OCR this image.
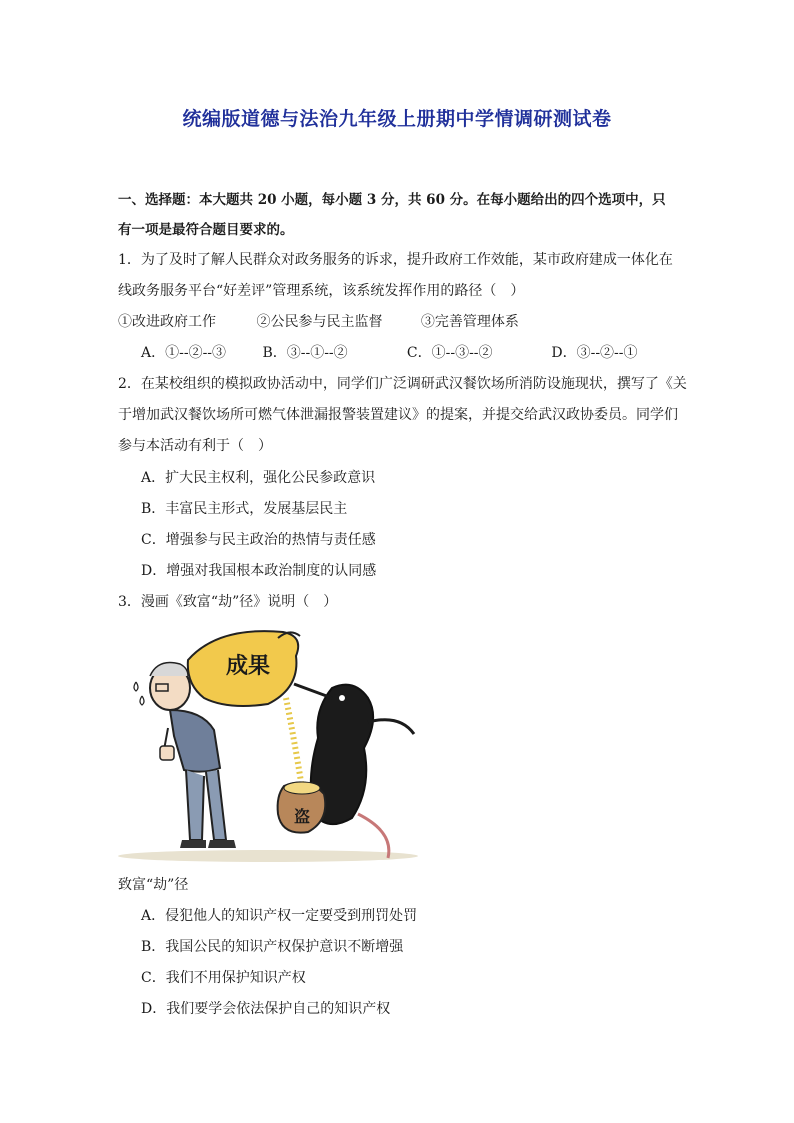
统编版道德与法治九年级上册期中学情调研测试卷
一、选择题：本大题共 20 小题，每小题 3 分，共 60 分。在每小题给出的四个选项中，只
有一项是最符合题目要求的。
1．为了及时了解人民群众对政务服务的诉求，提升政府工作效能，某市政府建成一体化在
线政务服务平台“好差评”管理系统，该系统发挥作用的路径（　）
①改进政府工作	②公民参与民主监督	③完善管理体系
A．①--②--③	B．③--①--②	C．①--③--②	D．③--②--①
2．在某校组织的模拟政协活动中，同学们广泛调研武汉餐饮场所消防设施现状，撰写了《关
于增加武汉餐饮场所可燃气体泄漏报警装置建议》的提案，并提交给武汉政协委员。同学们
参与本活动有利于（　）
A．扩大民主权利，强化公民参政意识
B．丰富民主形式，发展基层民主
C．增强参与民主政治的热情与责任感
D．增强对我国根本政治制度的认同感
3．漫画《致富“劫”径》说明（　）
成果
盗
致富“劫”径
A．侵犯他人的知识产权一定要受到刑罚处罚
B．我国公民的知识产权保护意识不断增强
C．我们不用保护知识产权
D．我们要学会依法保护自己的知识产权
